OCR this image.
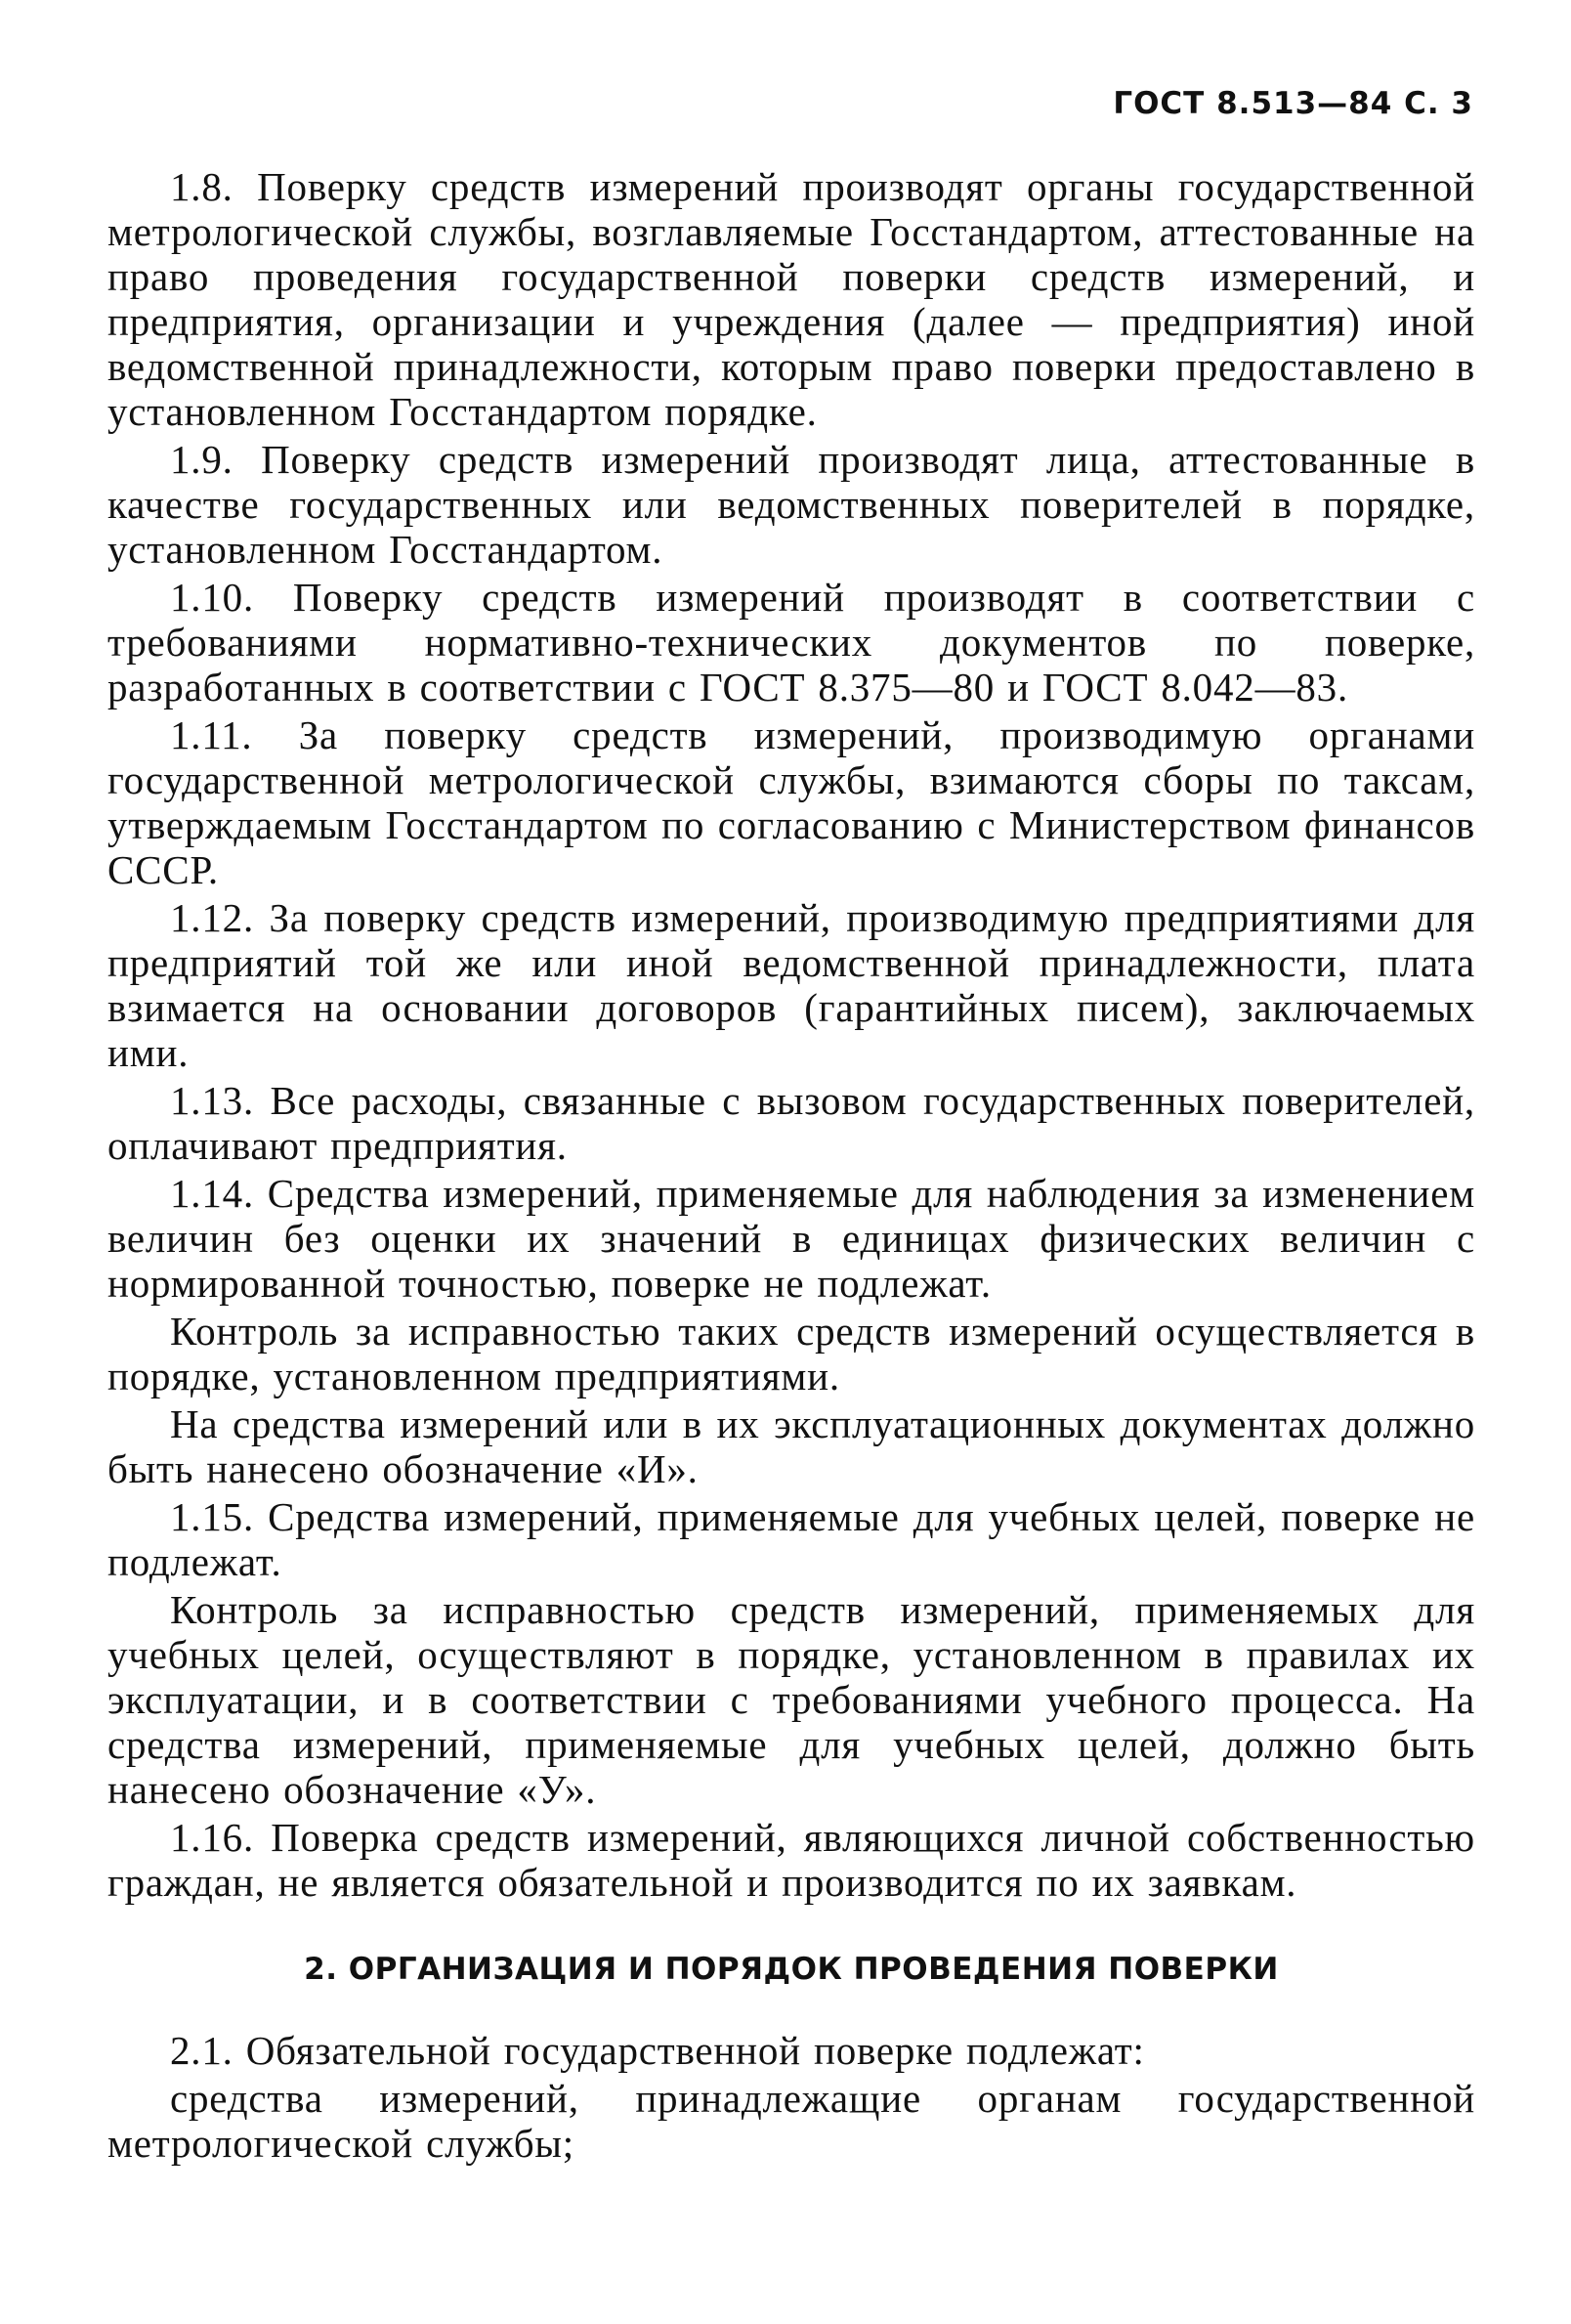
ГОСТ 8.513—84 С. 3

1.8. Поверку средств измерений производят органы государственной метрологической службы, возглавляемые Госстандартом, аттестованные на право проведения государственной поверки средств измерений, и предприятия, организации и учреждения (далее — предприятия) иной ведомственной принадлежности, которым право поверки предоставлено в установленном Госстандартом порядке.

1.9. Поверку средств измерений производят лица, аттестованные в качестве государственных или ведомственных поверителей в порядке, установленном Госстандартом.

1.10. Поверку средств измерений производят в соответствии с требованиями нормативно-технических документов по поверке, разработанных в соответствии с ГОСТ 8.375—80 и ГОСТ 8.042—83.

1.11. За поверку средств измерений, производимую органами государственной метрологической службы, взимаются сборы по таксам, утверждаемым Госстандартом по согласованию с Министерством финансов СССР.

1.12. За поверку средств измерений, производимую предприятиями для предприятий той же или иной ведомственной принадлежности, плата взимается на основании договоров (гарантийных писем), заключаемых ими.

1.13. Все расходы, связанные с вызовом государственных поверителей, оплачивают предприятия.

1.14. Средства измерений, применяемые для наблюдения за изменением величин без оценки их значений в единицах физических величин с нормированной точностью, поверке не подлежат.

Контроль за исправностью таких средств измерений осуществляется в порядке, установленном предприятиями.

На средства измерений или в их эксплуатационных документах должно быть нанесено обозначение «И».

1.15. Средства измерений, применяемые для учебных целей, поверке не подлежат.

Контроль за исправностью средств измерений, применяемых для учебных целей, осуществляют в порядке, установленном в правилах их эксплуатации, и в соответствии с требованиями учебного процесса. На средства измерений, применяемые для учебных целей, должно быть нанесено обозначение «У».

1.16. Поверка средств измерений, являющихся личной собственностью граждан, не является обязательной и производится по их заявкам.

2. ОРГАНИЗАЦИЯ И ПОРЯДОК ПРОВЕДЕНИЯ ПОВЕРКИ

2.1. Обязательной государственной поверке подлежат:

средства измерений, принадлежащие органам государственной метрологической службы;
